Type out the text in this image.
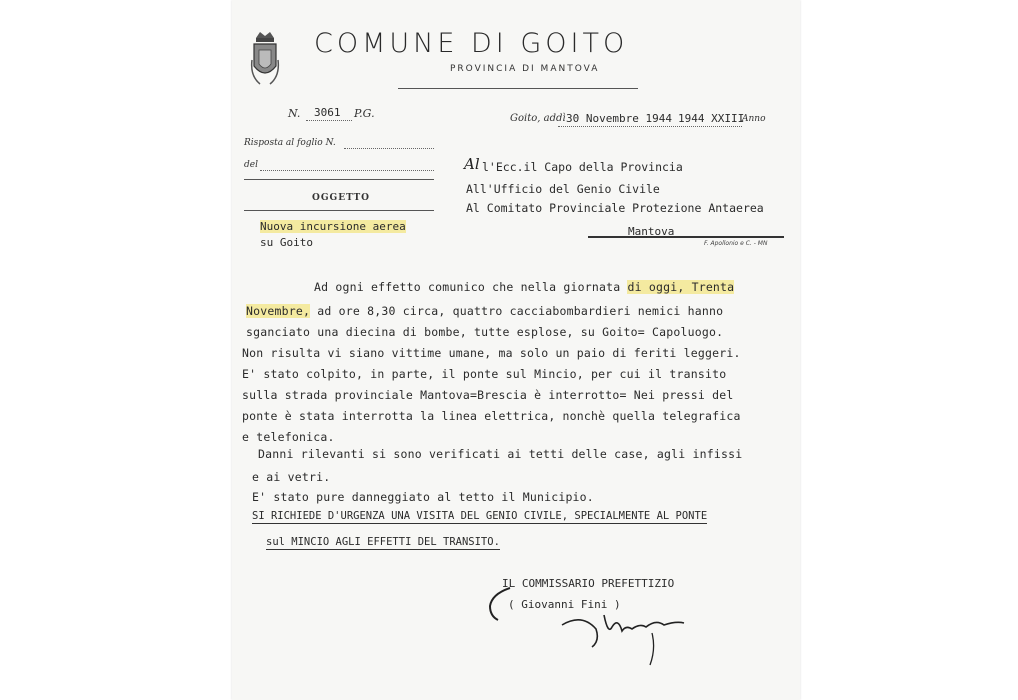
COMUNE DI GOITO
PROVINCIA DI MANTOVA
N. 3061 P.G.	Goito, addì 30 Novembre 1944 1944 XXIII
Anno
Risposta al foglio N.
del
OGGETTO
Nuova incursione aerea
su Goito
Al l'Ecc.il Capo della Provincia
All'Ufficio del Genio Civile
Al Comitato Provinciale Protezione Antaerea
Mantova
F. Apollonio e C. - MN
Ad ogni effetto comunico che nella giornata di oggi, Trenta
Novembre, ad ore 8,30 circa, quattro cacciabombardieri nemici hanno
sganciato una diecina di bombe, tutte esplose, su Goito= Capoluogo.
Non risulta vi siano vittime umane, ma solo un paio di feriti leggeri.
E' stato colpito, in parte, il ponte sul Mincio, per cui il transito
sulla strada provinciale Mantova=Brescia è interrotto= Nei pressi del
ponte è stata interrotta la linea elettrica, nonchè quella telegrafica
e telefonica.
Danni rilevanti si sono verificati ai tetti delle case, agli infissi
e ai vetri.
E' stato pure danneggiato al tetto il Municipio.
SI RICHIEDE D'URGENZA UNA VISITA DEL GENIO CIVILE, SPECIALMENTE AL PONTE
sul MINCIO AGLI EFFETTI DEL TRANSITO.
IL COMMISSARIO PREFETTIZIO
( Giovanni Fini )
